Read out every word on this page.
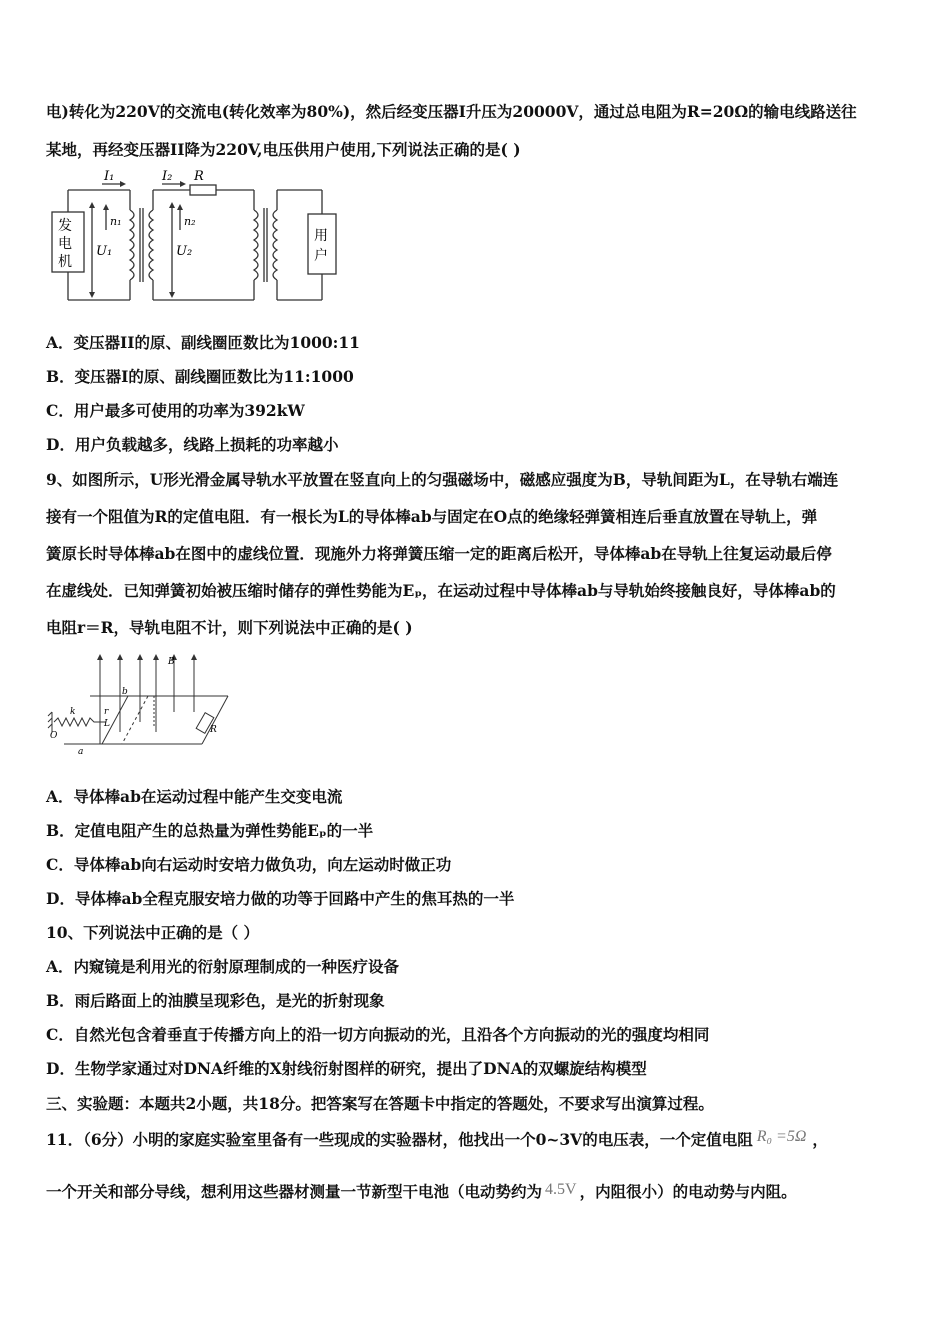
电)转化为220V的交流电(转化效率为80%)，然后经变压器I升压为20000V，通过总电阻为R=20Ω的输电线路送往
某地，再经变压器II降为220V,电压供用户使用,下列说法正确的是( )
发
电
机
用
户
I₁	I₂ R
n₁	n₂
U₁	U₂
A．变压器II的原、副线圈匝数比为1000:11
B．变压器I的原、副线圈匝数比为11:1000
C．用户最多可使用的功率为392kW
D．用户负载越多，线路上损耗的功率越小
9、如图所示，U形光滑金属导轨水平放置在竖直向上的匀强磁场中，磁感应强度为B，导轨间距为L，在导轨右端连
接有一个阻值为R的定值电阻．有一根长为L的导体棒ab与固定在O点的绝缘轻弹簧相连后垂直放置在导轨上，弹
簧原长时导体棒ab在图中的虚线位置．现施外力将弹簧压缩一定的距离后松开，导体棒ab在导轨上往复运动最后停
在虚线处．已知弹簧初始被压缩时储存的弹性势能为Eₚ，在运动过程中导体棒ab与导轨始终接触良好，导体棒ab的
电阻r＝R，导轨电阻不计，则下列说法中正确的是( )
B
b
k	r
L
O
R
a
A．导体棒ab在运动过程中能产生交变电流
B．定值电阻产生的总热量为弹性势能Eₚ的一半
C．导体棒ab向右运动时安培力做负功，向左运动时做正功
D．导体棒ab全程克服安培力做的功等于回路中产生的焦耳热的一半
10、下列说法中正确的是（ ）
A．内窥镜是利用光的衍射原理制成的一种医疗设备
B．雨后路面上的油膜呈现彩色，是光的折射现象
C．自然光包含着垂直于传播方向上的沿一切方向振动的光，且沿各个方向振动的光的强度均相同
D．生物学家通过对DNA纤维的X射线衍射图样的研究，提出了DNA的双螺旋结构模型
三、实验题：本题共2小题，共18分。把答案写在答题卡中指定的答题处，不要求写出演算过程。
11．（6分）小明的家庭实验室里备有一些现成的实验器材，他找出一个0~3V的电压表，一个定值电阻 R₀ =5Ω ，
一个开关和部分导线，想利用这些器材测量一节新型干电池（电动势约为 4.5V ，内阻很小）的电动势与内阻。
